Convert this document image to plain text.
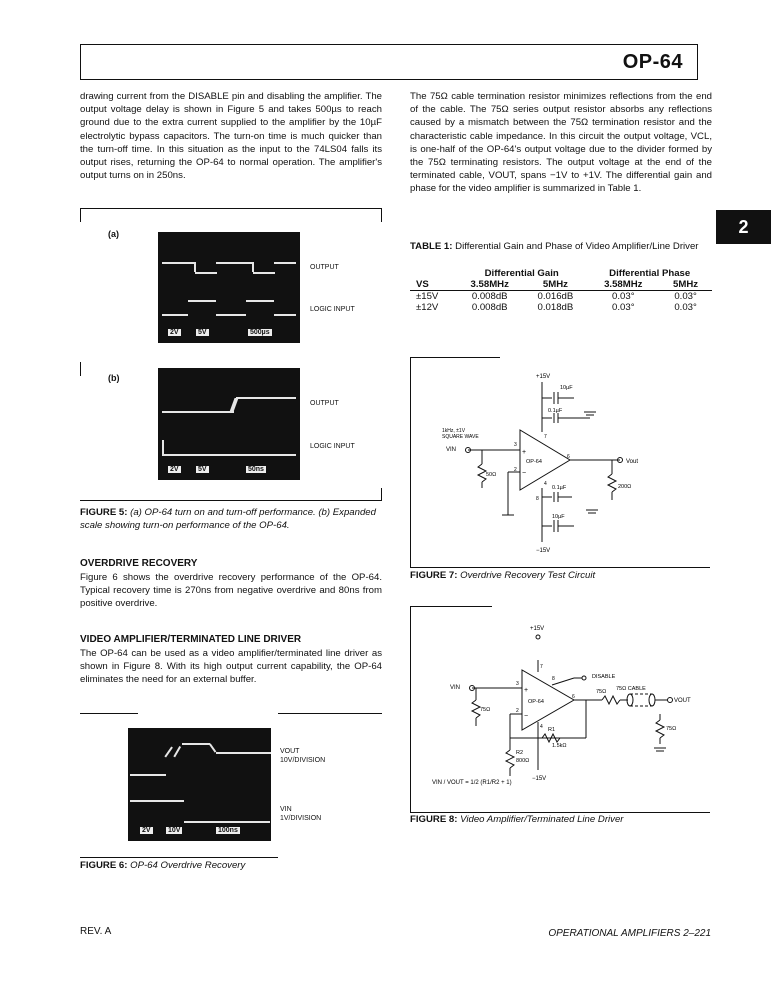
OP-64
2
drawing current from the DISABLE pin and disabling the amplifier. The output voltage delay is shown in Figure 5 and takes 500µs to reach ground due to the extra current supplied to the amplifier by the 10µF electrolytic bypass capacitors. The turn-on time is much quicker than the turn-off time. In this situation as the input to the 74LS04 falls its output rises, returning the OP-64 to normal operation. The amplifier's output turns on in 250ns.
(a)
2V	5V	500µs
OUTPUT
LOGIC INPUT
(b)
2V	5V	50ns
OUTPUT
LOGIC INPUT
FIGURE 5: (a) OP-64 turn on and turn-off performance. (b) Expanded scale showing turn-on performance of the OP-64.
OVERDRIVE RECOVERY
Figure 6 shows the overdrive recovery performance of the OP-64. Typical recovery time is 270ns from negative overdrive and 80ns from positive overdrive.
VIDEO AMPLIFIER/TERMINATED LINE DRIVER
The OP-64 can be used as a video amplifier/terminated line driver as shown in Figure 8. With its high output current capability, the OP-64 eliminates the need for an external buffer.
2V 10V	100ns
VOUT
10V/DIVISION
VIN
1V/DIVISION
FIGURE 6: OP-64 Overdrive Recovery
The 75Ω cable termination resistor minimizes reflections from the end of the cable. The 75Ω series output resistor absorbs any reflections caused by a mismatch between the 75Ω termination resistor and the characteristic cable impedance. In this circuit the output voltage, VCL, is one-half of the OP-64's output voltage due to the divider formed by the 75Ω terminating resistors. The output voltage at the end of the terminated cable, VOUT, spans −1V to +1V. The differential gain and phase for the video amplifier is summarized in Table 1.
TABLE 1: Differential Gain and Phase of Video Amplifier/Line Driver
	Differential Gain		Differential Phase	
VS	3.58MHz	5MHz	3.58MHz	5MHz
±15V	0.008dB	0.016dB	0.03°	0.03°
±12V	0.008dB	0.018dB	0.03°	0.03°
+15V
10µF
0.1µF
1kHz, ±1V
SQUARE WAVE
VIN
50Ω
OP-64	Vout
200Ω
0.1µF
10µF
−15V
3
2
+
−
6
7
4
8
FIGURE 7: Overdrive Recovery Test Circuit
+15V
DISABLE
VIN
75Ω
OP-64
75Ω 75Ω CABLE
VOUT
75Ω
R1
1.5kΩ
R2
800Ω
−15V
VIN / VOUT = 1/2 (R1/R2 + 1)
3
2
+
−
6
7
4
8
FIGURE 8: Video Amplifier/Terminated Line Driver
REV. A	OPERATIONAL AMPLIFIERS 2–221
